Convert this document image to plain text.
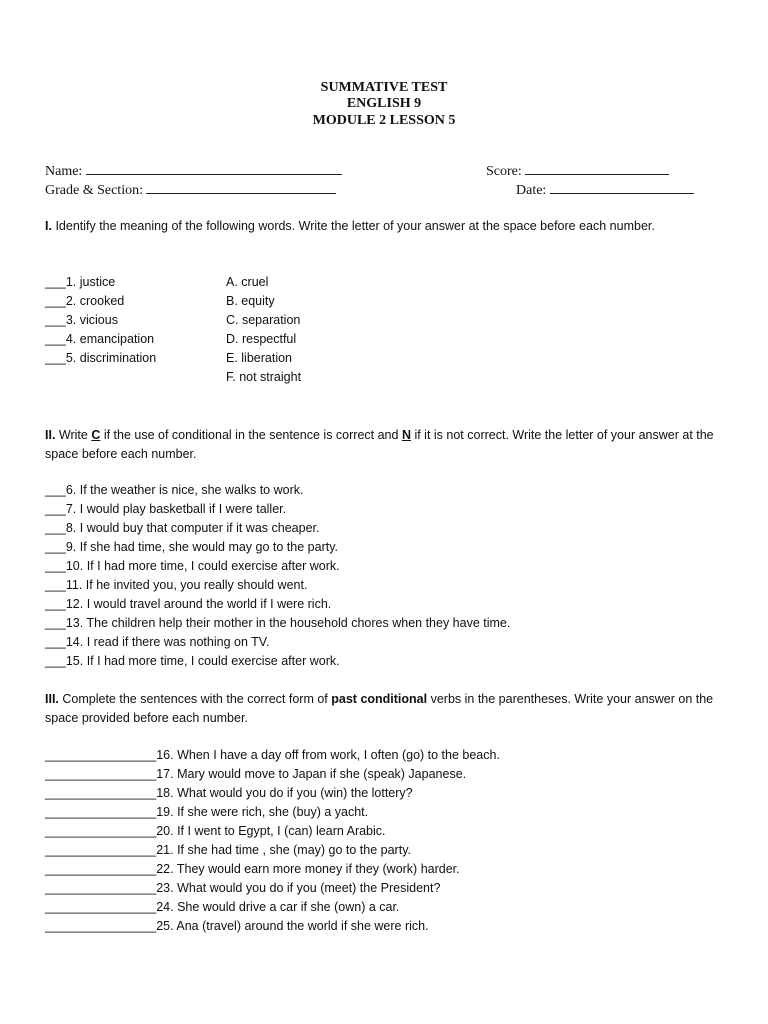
SUMMATIVE TEST
ENGLISH 9
MODULE 2 LESSON 5
Name:
Grade & Section:
Score:
Date:
I. Identify the meaning of the following words. Write the letter of your answer at the space before each number.
___1. justice
___2. crooked
___3. vicious
___4. emancipation
___5. discrimination
A. cruel
B. equity
C. separation
D. respectful
E. liberation
F. not straight
II. Write C if the use of conditional in the sentence is correct and N if it is not correct. Write the letter of your answer at the space before each number.
___6. If the weather is nice, she walks to work.
___7. I would play basketball if I were taller.
___8. I would buy that computer if it was cheaper.
___9. If she had time, she would may go to the party.
___10. If I had more time, I could exercise after work.
___11. If he invited you, you really should went.
___12. I would travel around the world if I were rich.
___13. The children help their mother in the household chores when they have time.
___14. I read if there was nothing on TV.
___15. If I had more time, I could exercise after work.
III. Complete the sentences with the correct form of past conditional verbs in the parentheses. Write your answer on the space provided before each number.
________________16. When I have a day off from work, I often (go) to the beach.
________________17. Mary would move to Japan if she (speak) Japanese.
________________18. What would you do if you (win) the lottery?
________________19. If she were rich, she (buy) a yacht.
________________20. If I went to Egypt, I (can) learn Arabic.
________________21. If she had time , she (may) go to the party.
________________22. They would earn more money if they (work) harder.
________________23. What would you do if you (meet) the President?
________________24. She would drive a car if she (own) a car.
________________25. Ana (travel) around the world if she were rich.
